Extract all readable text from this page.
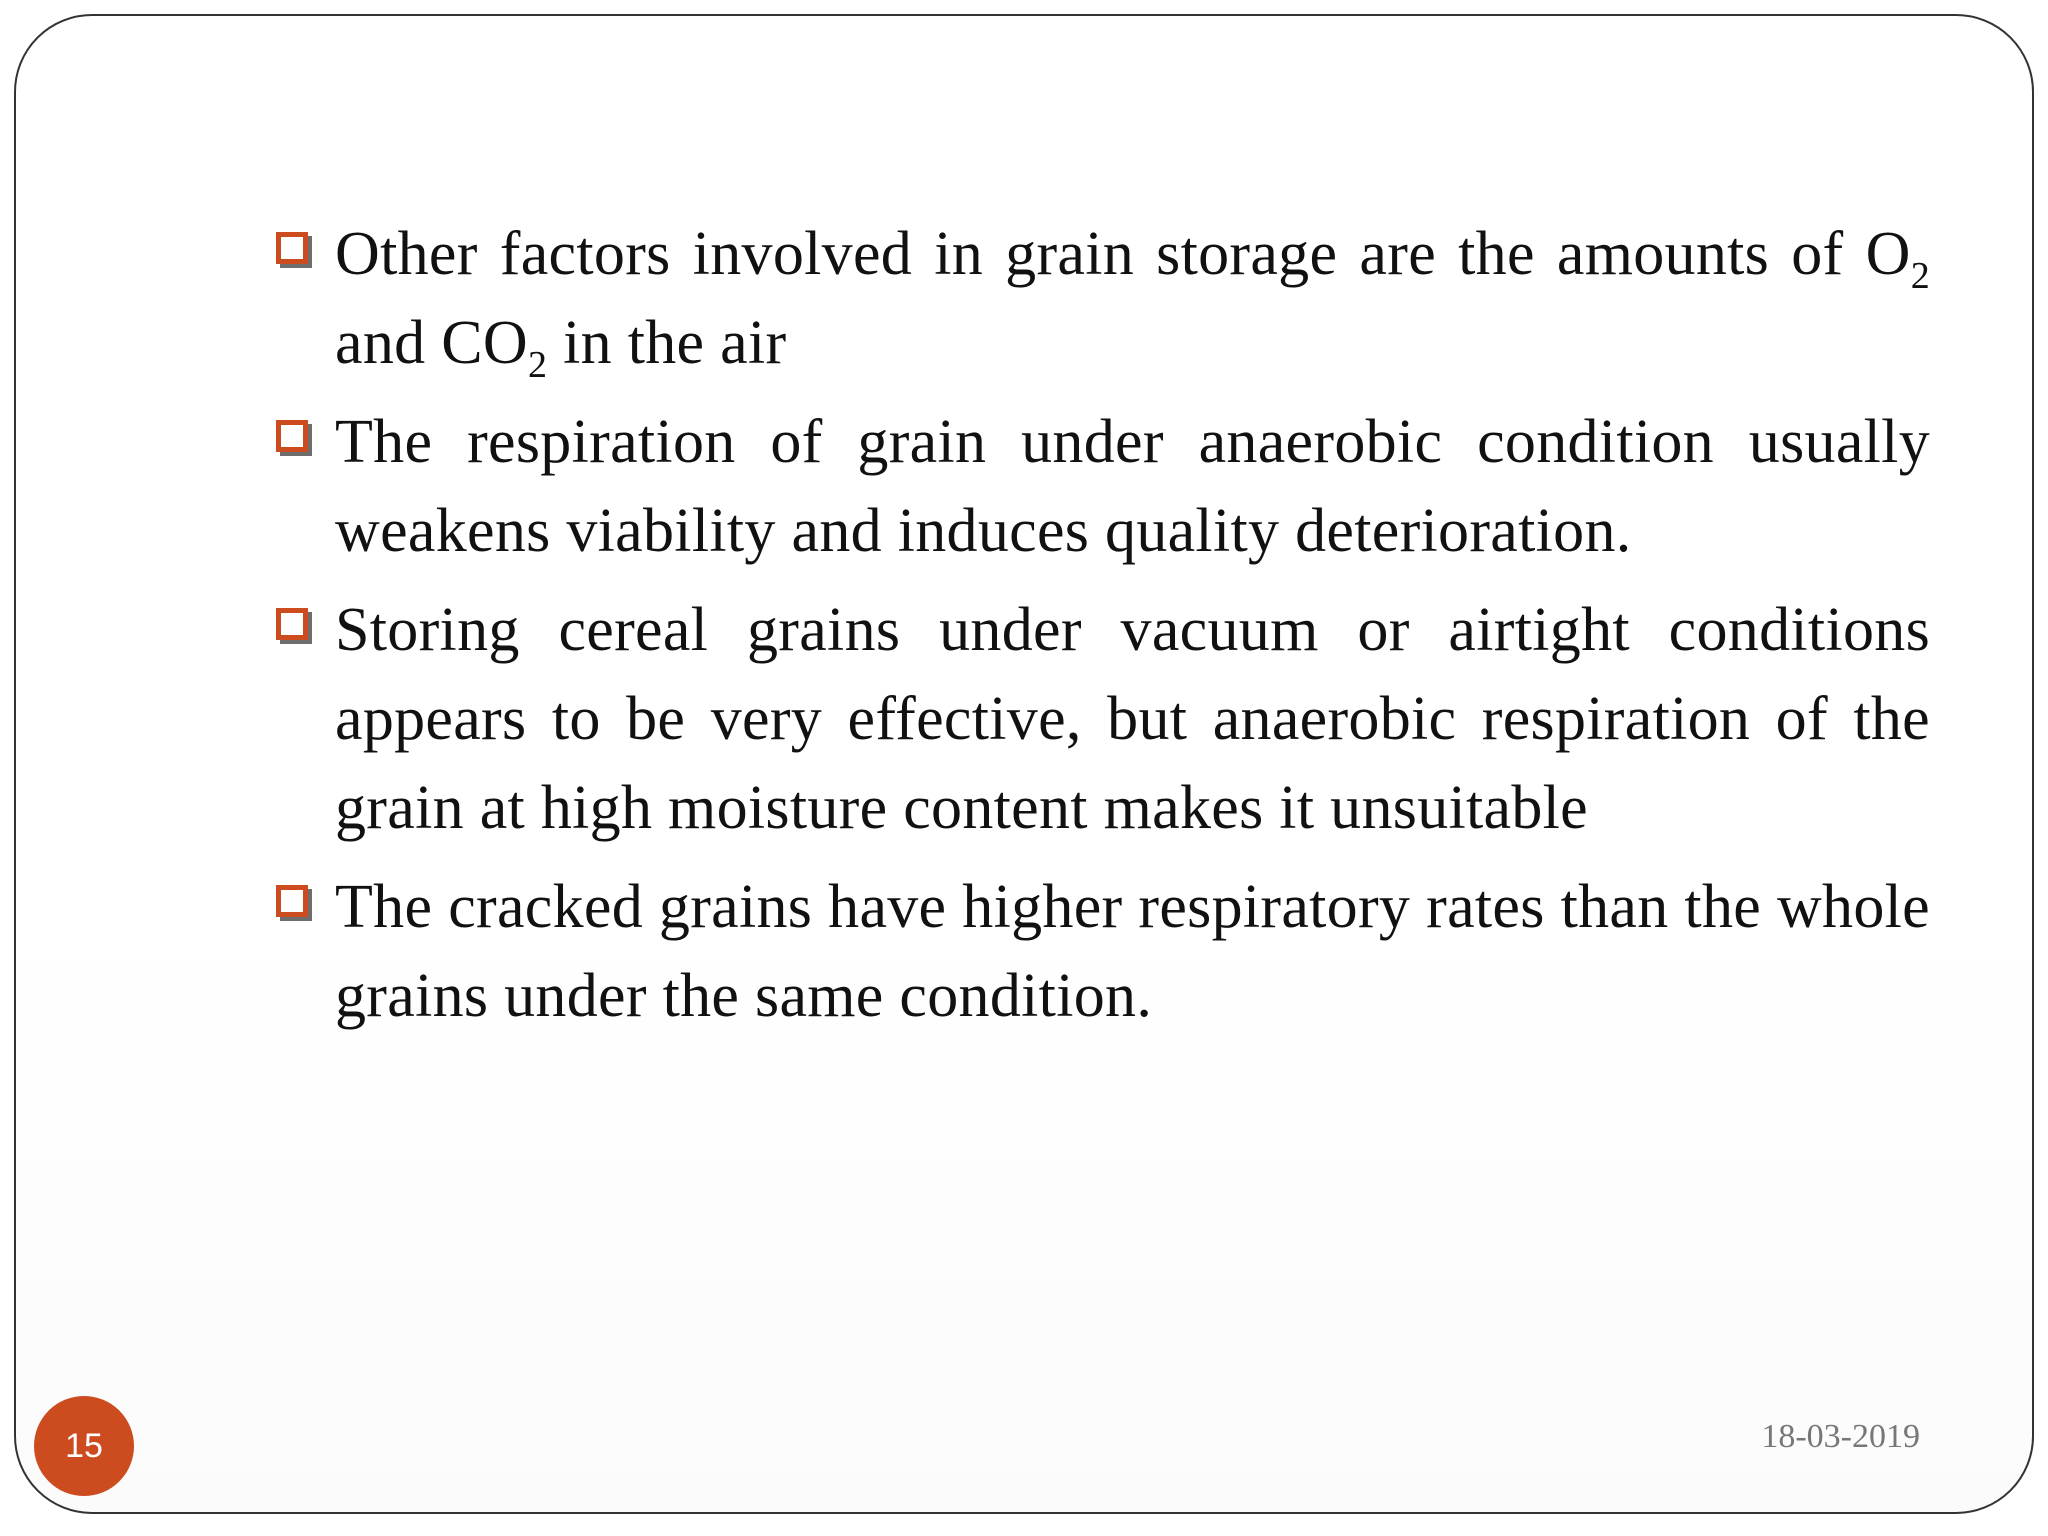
Other factors involved in grain storage are the amounts of $O_2$ and $CO_2$ in the air
The respiration of grain under anaerobic condition usually weakens viability and induces quality deterioration.
Storing cereal grains under vacuum or airtight conditions appears to be very effective, but anaerobic respiration of the grain at high moisture content makes it unsuitable
The cracked grains have higher respiratory rates than the whole grains under the same condition.
15	18-03-2019
